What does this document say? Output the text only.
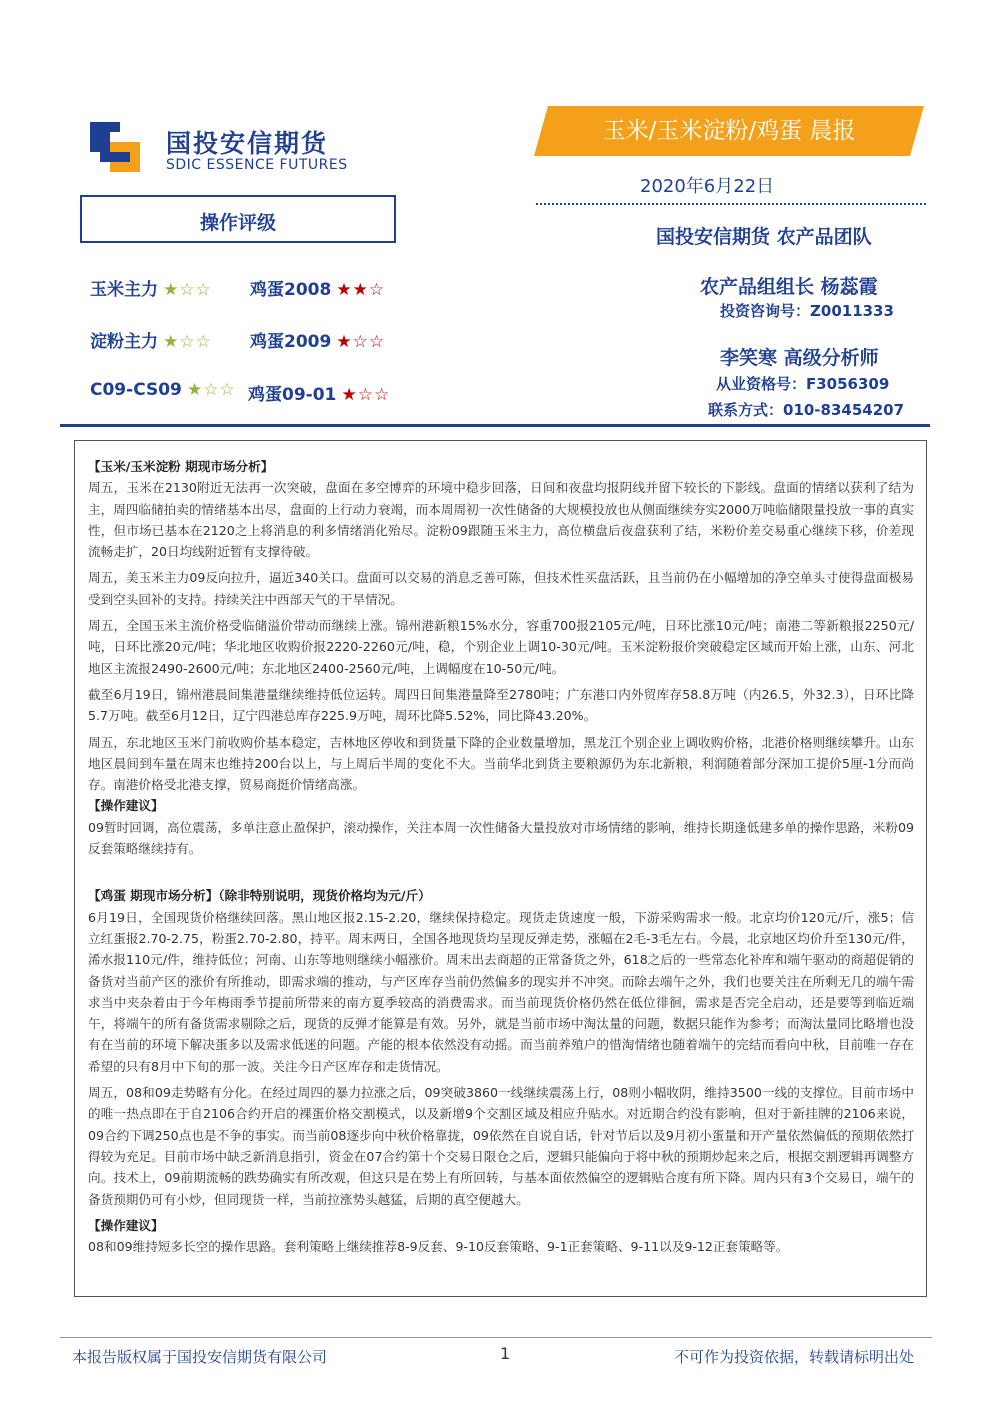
国投安信期货
SDIC ESSENCE FUTURES
玉米/玉米淀粉/鸡蛋 晨报
2020年6月22日
国投安信期货 农产品团队
农产品组组长 杨蕊霞
投资咨询号：Z0011333
李笑寒 高级分析师
从业资格号：F3056309
联系方式：010-83454207
操作评级
玉米主力 ★☆☆ 鸡蛋2008 ★★☆
淀粉主力 ★☆☆ 鸡蛋2009 ★☆☆
C09-CS09 ★☆☆ 鸡蛋09-01 ★☆☆

【玉米/玉米淀粉 期现市场分析】

周五，玉米在2130附近无法再一次突破，盘面在多空博弈的环境中稳步回落，日间和夜盘均报阴线并留下较长的下影线。盘面的情绪以获利了结为主，周四临储拍卖的情绪基本出尽，盘面的上行动力衰竭，而本周周初一次性储备的大规模投放也从侧面继续夯实2000万吨临储限量投放一事的真实性，但市场已基本在2120之上将消息的利多情绪消化殆尽。淀粉09跟随玉米主力，高位横盘后夜盘获利了结，米粉价差交易重心继续下移，价差现流畅走扩，20日均线附近暂有支撑待破。

周五，美玉米主力09反向拉升，逼近340关口。盘面可以交易的消息乏善可陈，但技术性买盘活跃，且当前仍在小幅增加的净空单头寸使得盘面极易受到空头回补的支持。持续关注中西部天气的干旱情况。

周五，全国玉米主流价格受临储溢价带动而继续上涨。锦州港新粮15%水分，容重700报2105元/吨，日环比涨10元/吨；南港二等新粮报2250元/吨，日环比涨20元/吨；华北地区收购价报2220-2260元/吨，稳，个别企业上调10-30元/吨。玉米淀粉报价突破稳定区域而开始上涨，山东、河北地区主流报2490-2600元/吨；东北地区2400-2560元/吨，上调幅度在10-50元/吨。

截至6月19日，锦州港晨间集港量继续维持低位运转。周四日间集港量降至2780吨；广东港口内外贸库存58.8万吨（内26.5，外32.3），日环比降5.7万吨。截至6月12日，辽宁四港总库存225.9万吨，周环比降5.52%，同比降43.20%。

周五，东北地区玉米门前收购价基本稳定，吉林地区停收和到货量下降的企业数量增加，黑龙江个别企业上调收购价格，北港价格则继续攀升。山东地区晨间到车量在周末也维持200台以上，与上周后半周的变化不大。当前华北到货主要粮源仍为东北新粮，利润随着部分深加工提价5厘-1分而尚存。南港价格受北港支撑，贸易商挺价情绪高涨。

【操作建议】

09暂时回调，高位震荡，多单注意止盈保护，滚动操作，关注本周一次性储备大量投放对市场情绪的影响，维持长期逢低建多单的操作思路，米粉09反套策略继续持有。

【鸡蛋 期现市场分析】（除非特别说明，现货价格均为元/斤）

6月19日，全国现货价格继续回落。黑山地区报2.15-2.20，继续保持稳定。现货走货速度一般，下游采购需求一般。北京均价120元/斤，涨5；信立红蛋报2.70-2.75，粉蛋2.70-2.80，持平。周末两日，全国各地现货均呈现反弹走势，涨幅在2毛-3毛左右。今晨，北京地区均价升至130元/件，浠水报110元/件，维持低位；河南、山东等地则继续小幅涨价。周末出去商超的正常备货之外，618之后的一些常态化补库和端午驱动的商超促销的备货对当前产区的涨价有所推动，即需求端的推动，与产区库存当前仍然偏多的现实并不冲突。而除去端午之外，我们也要关注在所剩无几的端午需求当中夹杂着由于今年梅雨季节提前所带来的南方夏季较高的消费需求。而当前现货价格仍然在低位徘徊，需求是否完全启动，还是要等到临近端午，将端午的所有备货需求剔除之后，现货的反弹才能算是有效。另外，就是当前市场中淘汰量的问题，数据只能作为参考；而淘汰量同比略增也没有在当前的环境下解决蛋多以及需求低迷的问题。产能的根本依然没有动摇。而当前养殖户的惜淘情绪也随着端午的完结而看向中秋，目前唯一存在希望的只有8月中下旬的那一波。关注今日产区库存和走货情况。

周五，08和09走势略有分化。在经过周四的暴力拉涨之后，09突破3860一线继续震荡上行，08则小幅收阴，维持3500一线的支撑位。目前市场中的唯一热点即在于自2106合约开启的裸蛋价格交割模式，以及新增9个交割区域及相应升贴水。对近期合约没有影响，但对于新挂牌的2106来说，09合约下调250点也是不争的事实。而当前08逐步向中秋价格靠拢，09依然在自说自话，针对节后以及9月初小蛋量和开产量依然偏低的预期依然打得较为充足。目前市场中缺乏新消息指引，资金在07合约第十个交易日限仓之后，逻辑只能偏向于将中秋的预期炒起来之后，根据交割逻辑再调整方向。技术上，09前期流畅的跌势确实有所改观，但这只是在势上有所回转，与基本面依然偏空的逻辑贴合度有所下降。周内只有3个交易日，端午的备货预期仍可有小炒，但同现货一样，当前拉涨势头越猛，后期的真空便越大。

【操作建议】

08和09维持短多长空的操作思路。套利策略上继续推荐8-9反套、9-10反套策略、9-1正套策略、9-11以及9-12正套策略等。

本报告版权属于国投安信期货有限公司	1	不可作为投资依据，转载请标明出处
